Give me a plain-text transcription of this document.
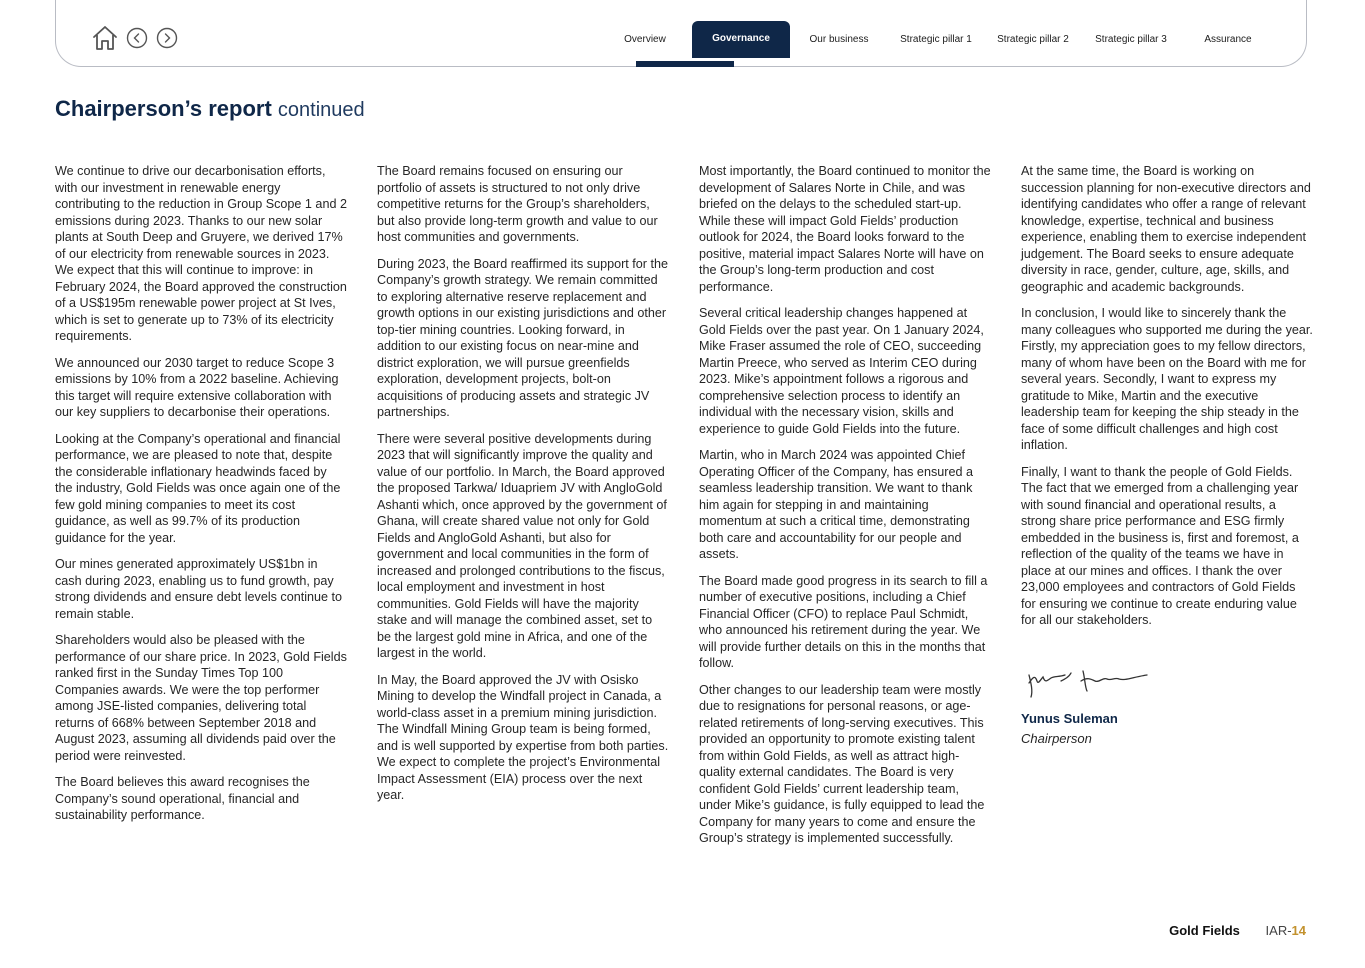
Overview	Governance	Our business	Strategic pillar 1	Strategic pillar 2	Strategic pillar 3	Assurance
Chairperson’s report continued

We continue to drive our decarbonisation efforts, with our investment in renewable energy contributing to the reduction in Group Scope 1 and 2 emissions during 2023. Thanks to our new solar plants at South Deep and Gruyere, we derived 17% of our electricity from renewable sources in 2023. We expect that this will continue to improve: in February 2024, the Board approved the construction of a US$195m renewable power project at St Ives, which is set to generate up to 73% of its electricity requirements.

We announced our 2030 target to reduce Scope 3 emissions by 10% from a 2022 baseline. Achieving this target will require extensive collaboration with our key suppliers to decarbonise their operations.

Looking at the Company’s operational and financial performance, we are pleased to note that, despite the considerable inflationary headwinds faced by the industry, Gold Fields was once again one of the few gold mining companies to meet its cost guidance, as well as 99.7% of its production guidance for the year.

Our mines generated approximately US$1bn in cash during 2023, enabling us to fund growth, pay strong dividends and ensure debt levels continue to remain stable.

Shareholders would also be pleased with the performance of our share price. In 2023, Gold Fields ranked first in the Sunday Times Top 100 Companies awards. We were the top performer among JSE-listed companies, delivering total returns of 668% between September 2018 and August 2023, assuming all dividends paid over the period were reinvested.

The Board believes this award recognises the Company’s sound operational, financial and sustainability performance.

The Board remains focused on ensuring our portfolio of assets is structured to not only drive competitive returns for the Group’s shareholders, but also provide long-term growth and value to our host communities and governments.

During 2023, the Board reaffirmed its support for the Company’s growth strategy. We remain committed to exploring alternative reserve replacement and growth options in our existing jurisdictions and other top-tier mining countries. Looking forward, in addition to our existing focus on near-mine and district exploration, we will pursue greenfields exploration, development projects, bolt-on acquisitions of producing assets and strategic JV partnerships.

There were several positive developments during 2023 that will significantly improve the quality and value of our portfolio. In March, the Board approved the proposed Tarkwa/ Iduapriem JV with AngloGold Ashanti which, once approved by the government of Ghana, will create shared value not only for Gold Fields and AngloGold Ashanti, but also for government and local communities in the form of increased and prolonged contributions to the fiscus, local employment and investment in host communities. Gold Fields will have the majority stake and will manage the combined asset, set to be the largest gold mine in Africa, and one of the largest in the world.

In May, the Board approved the JV with Osisko Mining to develop the Windfall project in Canada, a world-class asset in a premium mining jurisdiction. The Windfall Mining Group team is being formed, and is well supported by expertise from both parties. We expect to complete the project’s Environmental Impact Assessment (EIA) process over the next year.

Most importantly, the Board continued to monitor the development of Salares Norte in Chile, and was briefed on the delays to the scheduled start-up. While these will impact Gold Fields’ production outlook for 2024, the Board looks forward to the positive, material impact Salares Norte will have on the Group’s long-term production and cost performance.

Several critical leadership changes happened at Gold Fields over the past year. On 1 January 2024, Mike Fraser assumed the role of CEO, succeeding Martin Preece, who served as Interim CEO during 2023. Mike’s appointment follows a rigorous and comprehensive selection process to identify an individual with the necessary vision, skills and experience to guide Gold Fields into the future.

Martin, who in March 2024 was appointed Chief Operating Officer of the Company, has ensured a seamless leadership transition. We want to thank him again for stepping in and maintaining momentum at such a critical time, demonstrating both care and accountability for our people and assets.

The Board made good progress in its search to fill a number of executive positions, including a Chief Financial Officer (CFO) to replace Paul Schmidt, who announced his retirement during the year. We will provide further details on this in the months that follow.

Other changes to our leadership team were mostly due to resignations for personal reasons, or age-related retirements of long-serving executives. This provided an opportunity to promote existing talent from within Gold Fields, as well as attract high-quality external candidates. The Board is very confident Gold Fields’ current leadership team, under Mike’s guidance, is fully equipped to lead the Company for many years to come and ensure the Group’s strategy is implemented successfully.

At the same time, the Board is working on succession planning for non-executive directors and identifying candidates who offer a range of relevant knowledge, expertise, technical and business experience, enabling them to exercise independent judgement. The Board seeks to ensure adequate diversity in race, gender, culture, age, skills, and geographic and academic backgrounds.

In conclusion, I would like to sincerely thank the many colleagues who supported me during the year. Firstly, my appreciation goes to my fellow directors, many of whom have been on the Board with me for several years. Secondly, I want to express my gratitude to Mike, Martin and the executive leadership team for keeping the ship steady in the face of some difficult challenges and high cost inflation.

Finally, I want to thank the people of Gold Fields. The fact that we emerged from a challenging year with sound financial and operational results, a strong share price performance and ESG firmly embedded in the business is, first and foremost, a reflection of the quality of the teams we have in place at our mines and offices. I thank the over 23,000 employees and contractors of Gold Fields for ensuring we continue to create enduring value for all our stakeholders.

Yunus Suleman
Chairperson
Gold Fields IAR-14
